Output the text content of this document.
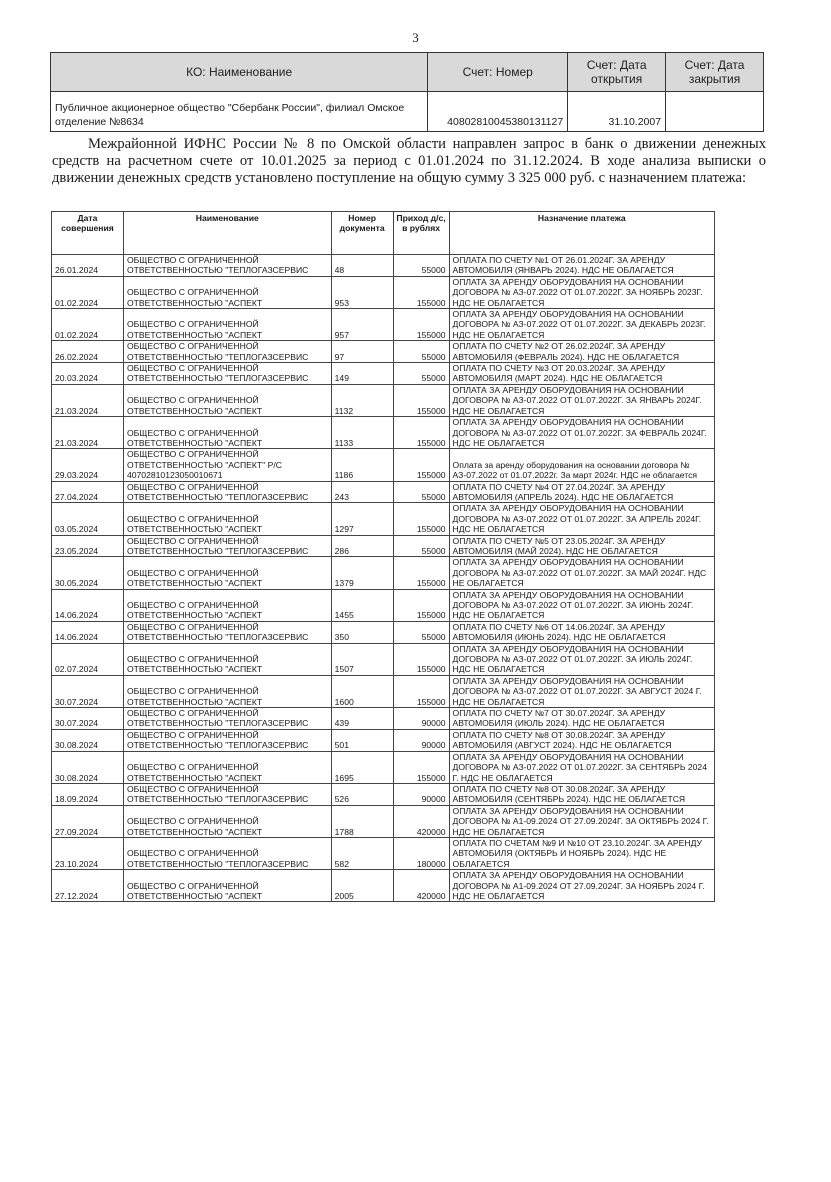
3
КО: Наименование	Счет: Номер	Счет: Дата открытия	Счет: Дата закрытия
Публичное акционерное общество "Сбербанк России", филиал Омское отделение №8634	40802810045380131127	31.10.2007	

Межрайонной ИФНС России № 8 по Омской области направлен запрос в банк о движении денежных средств на расчетном счете от 10.01.2025 за период с 01.01.2024 по 31.12.2024. В ходе анализа выписки о движении денежных средств установлено поступление на общую сумму 3 325 000 руб. с назначением платежа:

Дата совершения	Наименование	Номер документа	Приход д/с, в рублях	Назначение платежа
26.01.2024	ОБЩЕСТВО С ОГРАНИЧЕННОЙ ОТВЕТСТВЕННОСТЬЮ "ТЕПЛОГАЗСЕРВИС	48	55000	ОПЛАТА ПО СЧЕТУ №1 ОТ 26.01.2024Г. ЗА АРЕНДУ АВТОМОБИЛЯ (ЯНВАРЬ 2024). НДС НЕ ОБЛАГАЕТСЯ
01.02.2024	ОБЩЕСТВО С ОГРАНИЧЕННОЙ ОТВЕТСТВЕННОСТЬЮ "АСПЕКТ	953	155000	ОПЛАТА ЗА АРЕНДУ ОБОРУДОВАНИЯ НА ОСНОВАНИИ ДОГОВОРА № АЗ-07.2022 ОТ 01.07.2022Г. ЗА НОЯБРЬ 2023Г. НДС НЕ ОБЛАГАЕТСЯ
01.02.2024	ОБЩЕСТВО С ОГРАНИЧЕННОЙ ОТВЕТСТВЕННОСТЬЮ "АСПЕКТ	957	155000	ОПЛАТА ЗА АРЕНДУ ОБОРУДОВАНИЯ НА ОСНОВАНИИ ДОГОВОРА № АЗ-07.2022 ОТ 01.07.2022Г. ЗА ДЕКАБРЬ 2023Г. НДС НЕ ОБЛАГАЕТСЯ
26.02.2024	ОБЩЕСТВО С ОГРАНИЧЕННОЙ ОТВЕТСТВЕННОСТЬЮ "ТЕПЛОГАЗСЕРВИС	97	55000	ОПЛАТА ПО СЧЕТУ №2 ОТ 26.02.2024Г. ЗА АРЕНДУ АВТОМОБИЛЯ (ФЕВРАЛЬ 2024). НДС НЕ ОБЛАГАЕТСЯ
20.03.2024	ОБЩЕСТВО С ОГРАНИЧЕННОЙ ОТВЕТСТВЕННОСТЬЮ "ТЕПЛОГАЗСЕРВИС	149	55000	ОПЛАТА ПО СЧЕТУ №3 ОТ 20.03.2024Г. ЗА АРЕНДУ АВТОМОБИЛЯ (МАРТ 2024). НДС НЕ ОБЛАГАЕТСЯ
21.03.2024	ОБЩЕСТВО С ОГРАНИЧЕННОЙ ОТВЕТСТВЕННОСТЬЮ "АСПЕКТ	1132	155000	ОПЛАТА ЗА АРЕНДУ ОБОРУДОВАНИЯ НА ОСНОВАНИИ ДОГОВОРА № АЗ-07.2022 ОТ 01.07.2022Г. ЗА ЯНВАРЬ 2024Г. НДС НЕ ОБЛАГАЕТСЯ
21.03.2024	ОБЩЕСТВО С ОГРАНИЧЕННОЙ ОТВЕТСТВЕННОСТЬЮ "АСПЕКТ	1133	155000	ОПЛАТА ЗА АРЕНДУ ОБОРУДОВАНИЯ НА ОСНОВАНИИ ДОГОВОРА № АЗ-07.2022 ОТ 01.07.2022Г. ЗА ФЕВРАЛЬ 2024Г. НДС НЕ ОБЛАГАЕТСЯ
29.03.2024	ОБЩЕСТВО С ОГРАНИЧЕННОЙ ОТВЕТСТВЕННОСТЬЮ "АСПЕКТ" Р/С 40702810123050010671	1186	155000	Оплата за аренду оборудования на основании договора № АЗ-07.2022 от 01.07.2022г. За март 2024г. НДС не облагается
27.04.2024	ОБЩЕСТВО С ОГРАНИЧЕННОЙ ОТВЕТСТВЕННОСТЬЮ "ТЕПЛОГАЗСЕРВИС	243	55000	ОПЛАТА ПО СЧЕТУ №4 ОТ 27.04.2024Г. ЗА АРЕНДУ АВТОМОБИЛЯ (АПРЕЛЬ 2024). НДС НЕ ОБЛАГАЕТСЯ
03.05.2024	ОБЩЕСТВО С ОГРАНИЧЕННОЙ ОТВЕТСТВЕННОСТЬЮ "АСПЕКТ	1297	155000	ОПЛАТА ЗА АРЕНДУ ОБОРУДОВАНИЯ НА ОСНОВАНИИ ДОГОВОРА № АЗ-07.2022 ОТ 01.07.2022Г. ЗА АПРЕЛЬ 2024Г. НДС НЕ ОБЛАГАЕТСЯ
23.05.2024	ОБЩЕСТВО С ОГРАНИЧЕННОЙ ОТВЕТСТВЕННОСТЬЮ "ТЕПЛОГАЗСЕРВИС	286	55000	ОПЛАТА ПО СЧЕТУ №5 ОТ 23.05.2024Г. ЗА АРЕНДУ АВТОМОБИЛЯ (МАЙ 2024). НДС НЕ ОБЛАГАЕТСЯ
30.05.2024	ОБЩЕСТВО С ОГРАНИЧЕННОЙ ОТВЕТСТВЕННОСТЬЮ "АСПЕКТ	1379	155000	ОПЛАТА ЗА АРЕНДУ ОБОРУДОВАНИЯ НА ОСНОВАНИИ ДОГОВОРА № АЗ-07.2022 ОТ 01.07.2022Г. ЗА МАЙ 2024Г. НДС НЕ ОБЛАГАЕТСЯ
14.06.2024	ОБЩЕСТВО С ОГРАНИЧЕННОЙ ОТВЕТСТВЕННОСТЬЮ "АСПЕКТ	1455	155000	ОПЛАТА ЗА АРЕНДУ ОБОРУДОВАНИЯ НА ОСНОВАНИИ ДОГОВОРА № АЗ-07.2022 ОТ 01.07.2022Г. ЗА ИЮНЬ 2024Г. НДС НЕ ОБЛАГАЕТСЯ
14.06.2024	ОБЩЕСТВО С ОГРАНИЧЕННОЙ ОТВЕТСТВЕННОСТЬЮ "ТЕПЛОГАЗСЕРВИС	350	55000	ОПЛАТА ПО СЧЕТУ №6 ОТ 14.06.2024Г. ЗА АРЕНДУ АВТОМОБИЛЯ (ИЮНЬ 2024). НДС НЕ ОБЛАГАЕТСЯ
02.07.2024	ОБЩЕСТВО С ОГРАНИЧЕННОЙ ОТВЕТСТВЕННОСТЬЮ "АСПЕКТ	1507	155000	ОПЛАТА ЗА АРЕНДУ ОБОРУДОВАНИЯ НА ОСНОВАНИИ ДОГОВОРА № АЗ-07.2022 ОТ 01.07.2022Г. ЗА ИЮЛЬ 2024Г. НДС НЕ ОБЛАГАЕТСЯ
30.07.2024	ОБЩЕСТВО С ОГРАНИЧЕННОЙ ОТВЕТСТВЕННОСТЬЮ "АСПЕКТ	1600	155000	ОПЛАТА ЗА АРЕНДУ ОБОРУДОВАНИЯ НА ОСНОВАНИИ ДОГОВОРА № АЗ-07.2022 ОТ 01.07.2022Г. ЗА АВГУСТ 2024 Г. НДС НЕ ОБЛАГАЕТСЯ
30.07.2024	ОБЩЕСТВО С ОГРАНИЧЕННОЙ ОТВЕТСТВЕННОСТЬЮ "ТЕПЛОГАЗСЕРВИС	439	90000	ОПЛАТА ПО СЧЕТУ №7 ОТ 30.07.2024Г. ЗА АРЕНДУ АВТОМОБИЛЯ (ИЮЛЬ 2024). НДС НЕ ОБЛАГАЕТСЯ
30.08.2024	ОБЩЕСТВО С ОГРАНИЧЕННОЙ ОТВЕТСТВЕННОСТЬЮ "ТЕПЛОГАЗСЕРВИС	501	90000	ОПЛАТА ПО СЧЕТУ №8 ОТ 30.08.2024Г. ЗА АРЕНДУ АВТОМОБИЛЯ (АВГУСТ 2024). НДС НЕ ОБЛАГАЕТСЯ
30.08.2024	ОБЩЕСТВО С ОГРАНИЧЕННОЙ ОТВЕТСТВЕННОСТЬЮ "АСПЕКТ	1695	155000	ОПЛАТА ЗА АРЕНДУ ОБОРУДОВАНИЯ НА ОСНОВАНИИ ДОГОВОРА № АЗ-07.2022 ОТ 01.07.2022Г. ЗА СЕНТЯБРЬ 2024 Г. НДС НЕ ОБЛАГАЕТСЯ
18.09.2024	ОБЩЕСТВО С ОГРАНИЧЕННОЙ ОТВЕТСТВЕННОСТЬЮ "ТЕПЛОГАЗСЕРВИС	526	90000	ОПЛАТА ПО СЧЕТУ №8 ОТ 30.08.2024Г. ЗА АРЕНДУ АВТОМОБИЛЯ (СЕНТЯБРЬ 2024). НДС НЕ ОБЛАГАЕТСЯ
27.09.2024	ОБЩЕСТВО С ОГРАНИЧЕННОЙ ОТВЕТСТВЕННОСТЬЮ "АСПЕКТ	1788	420000	ОПЛАТА ЗА АРЕНДУ ОБОРУДОВАНИЯ НА ОСНОВАНИИ ДОГОВОРА № А1-09.2024 ОТ 27.09.2024Г. ЗА ОКТЯБРЬ 2024 Г. НДС НЕ ОБЛАГАЕТСЯ
23.10.2024	ОБЩЕСТВО С ОГРАНИЧЕННОЙ ОТВЕТСТВЕННОСТЬЮ "ТЕПЛОГАЗСЕРВИС	582	180000	ОПЛАТА ПО СЧЕТАМ №9 И №10 ОТ 23.10.2024Г. ЗА АРЕНДУ АВТОМОБИЛЯ (ОКТЯБРЬ И НОЯБРЬ 2024). НДС НЕ ОБЛАГАЕТСЯ
27.12.2024	ОБЩЕСТВО С ОГРАНИЧЕННОЙ ОТВЕТСТВЕННОСТЬЮ "АСПЕКТ	2005	420000	ОПЛАТА ЗА АРЕНДУ ОБОРУДОВАНИЯ НА ОСНОВАНИИ ДОГОВОРА № А1-09.2024 ОТ 27.09.2024Г. ЗА НОЯБРЬ 2024 Г. НДС НЕ ОБЛАГАЕТСЯ
